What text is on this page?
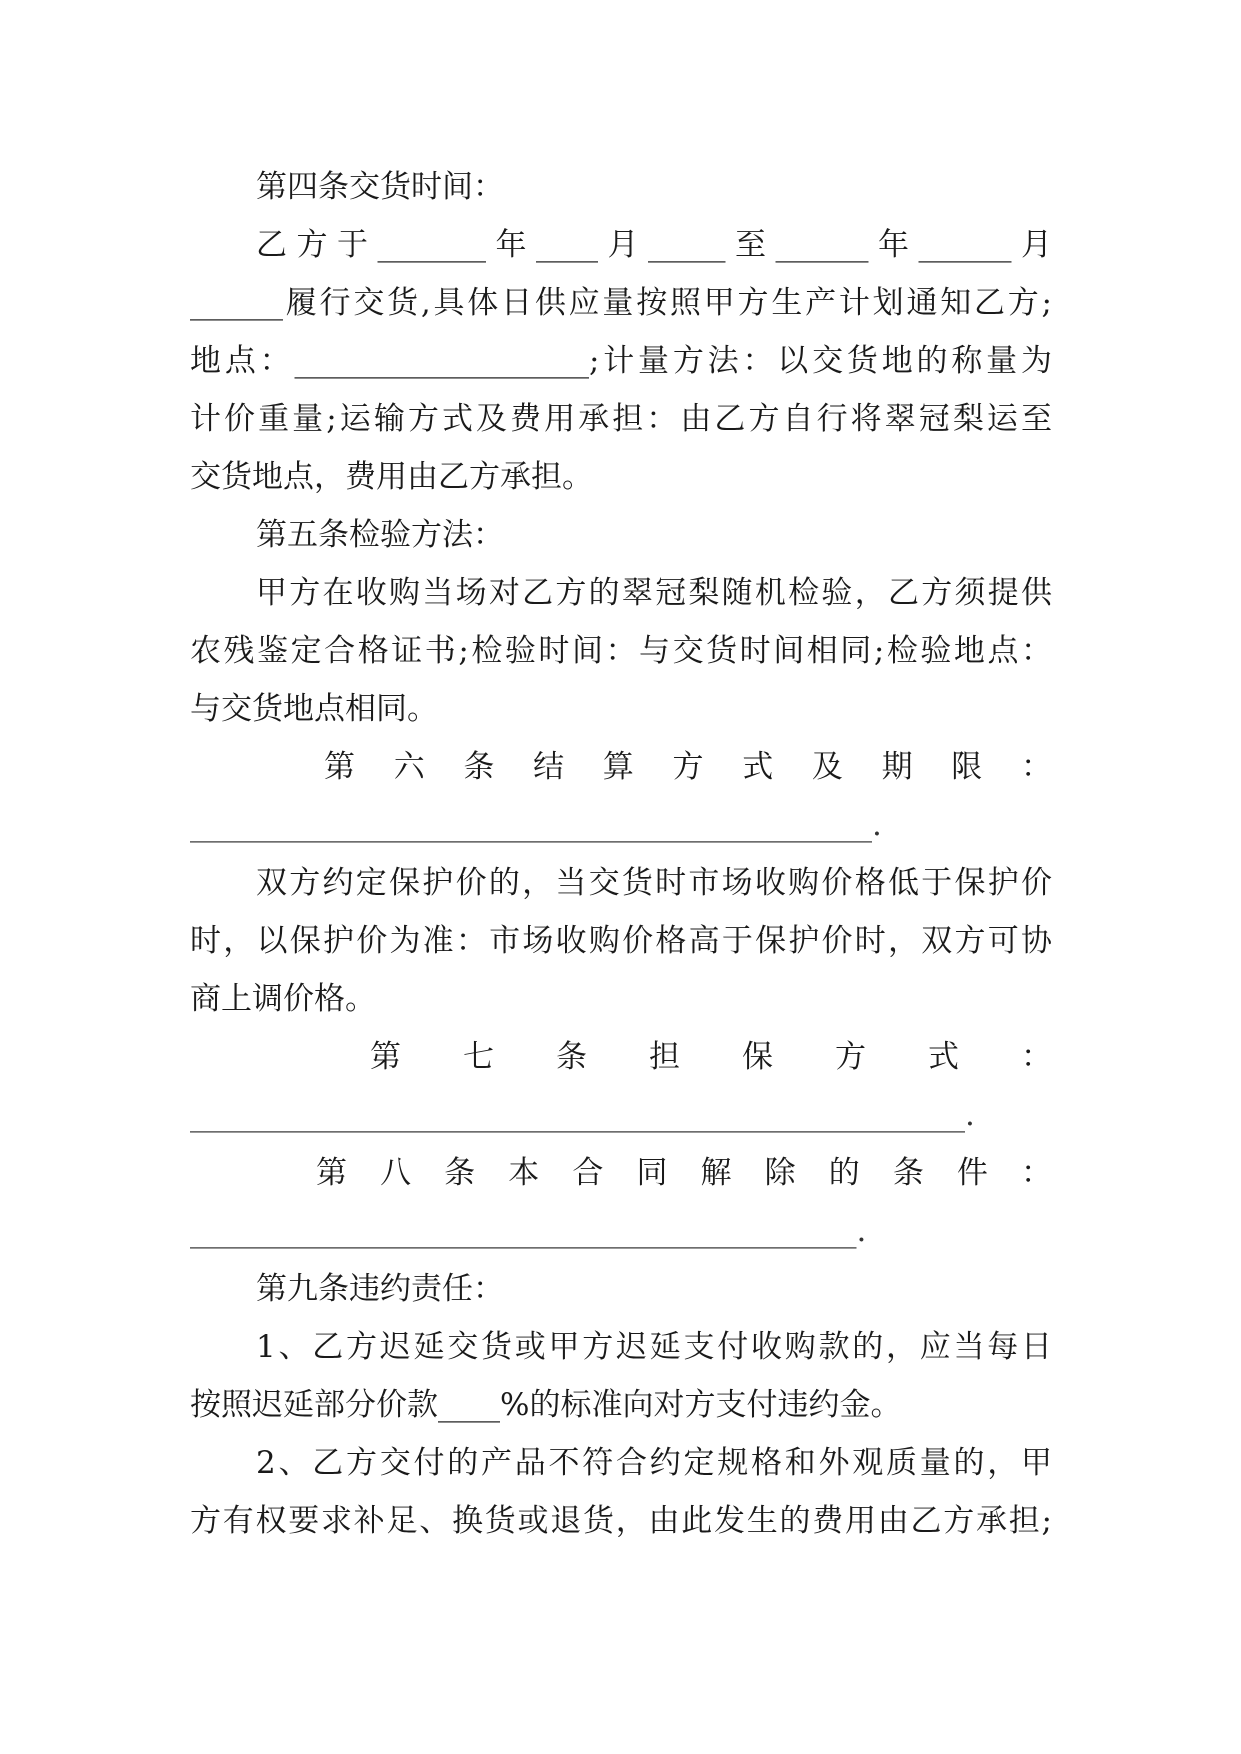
第四条交货时间：
乙方于_______年____月_____至______年______月
______履行交货,具体日供应量按照甲方生产计划通知乙方;
地点：___________________;计量方法：以交货地的称量为
计价重量;运输方式及费用承担：由乙方自行将翠冠梨运至
交货地点，费用由乙方承担。
第五条检验方法：
甲方在收购当场对乙方的翠冠梨随机检验，乙方须提供
农残鉴定合格证书;检验时间：与交货时间相同;检验地点：
与交货地点相同。
第六条结算方式及期限：
____________________________________________.
双方约定保护价的，当交货时市场收购价格低于保护价
时，以保护价为准：市场收购价格高于保护价时，双方可协
商上调价格。
第七条担保方式：
__________________________________________________.
第八条本合同解除的条件：
___________________________________________.
第九条违约责任：
1、乙方迟延交货或甲方迟延支付收购款的，应当每日
按照迟延部分价款____%的标准向对方支付违约金。
2、乙方交付的产品不符合约定规格和外观质量的，甲
方有权要求补足、换货或退货，由此发生的费用由乙方承担;
